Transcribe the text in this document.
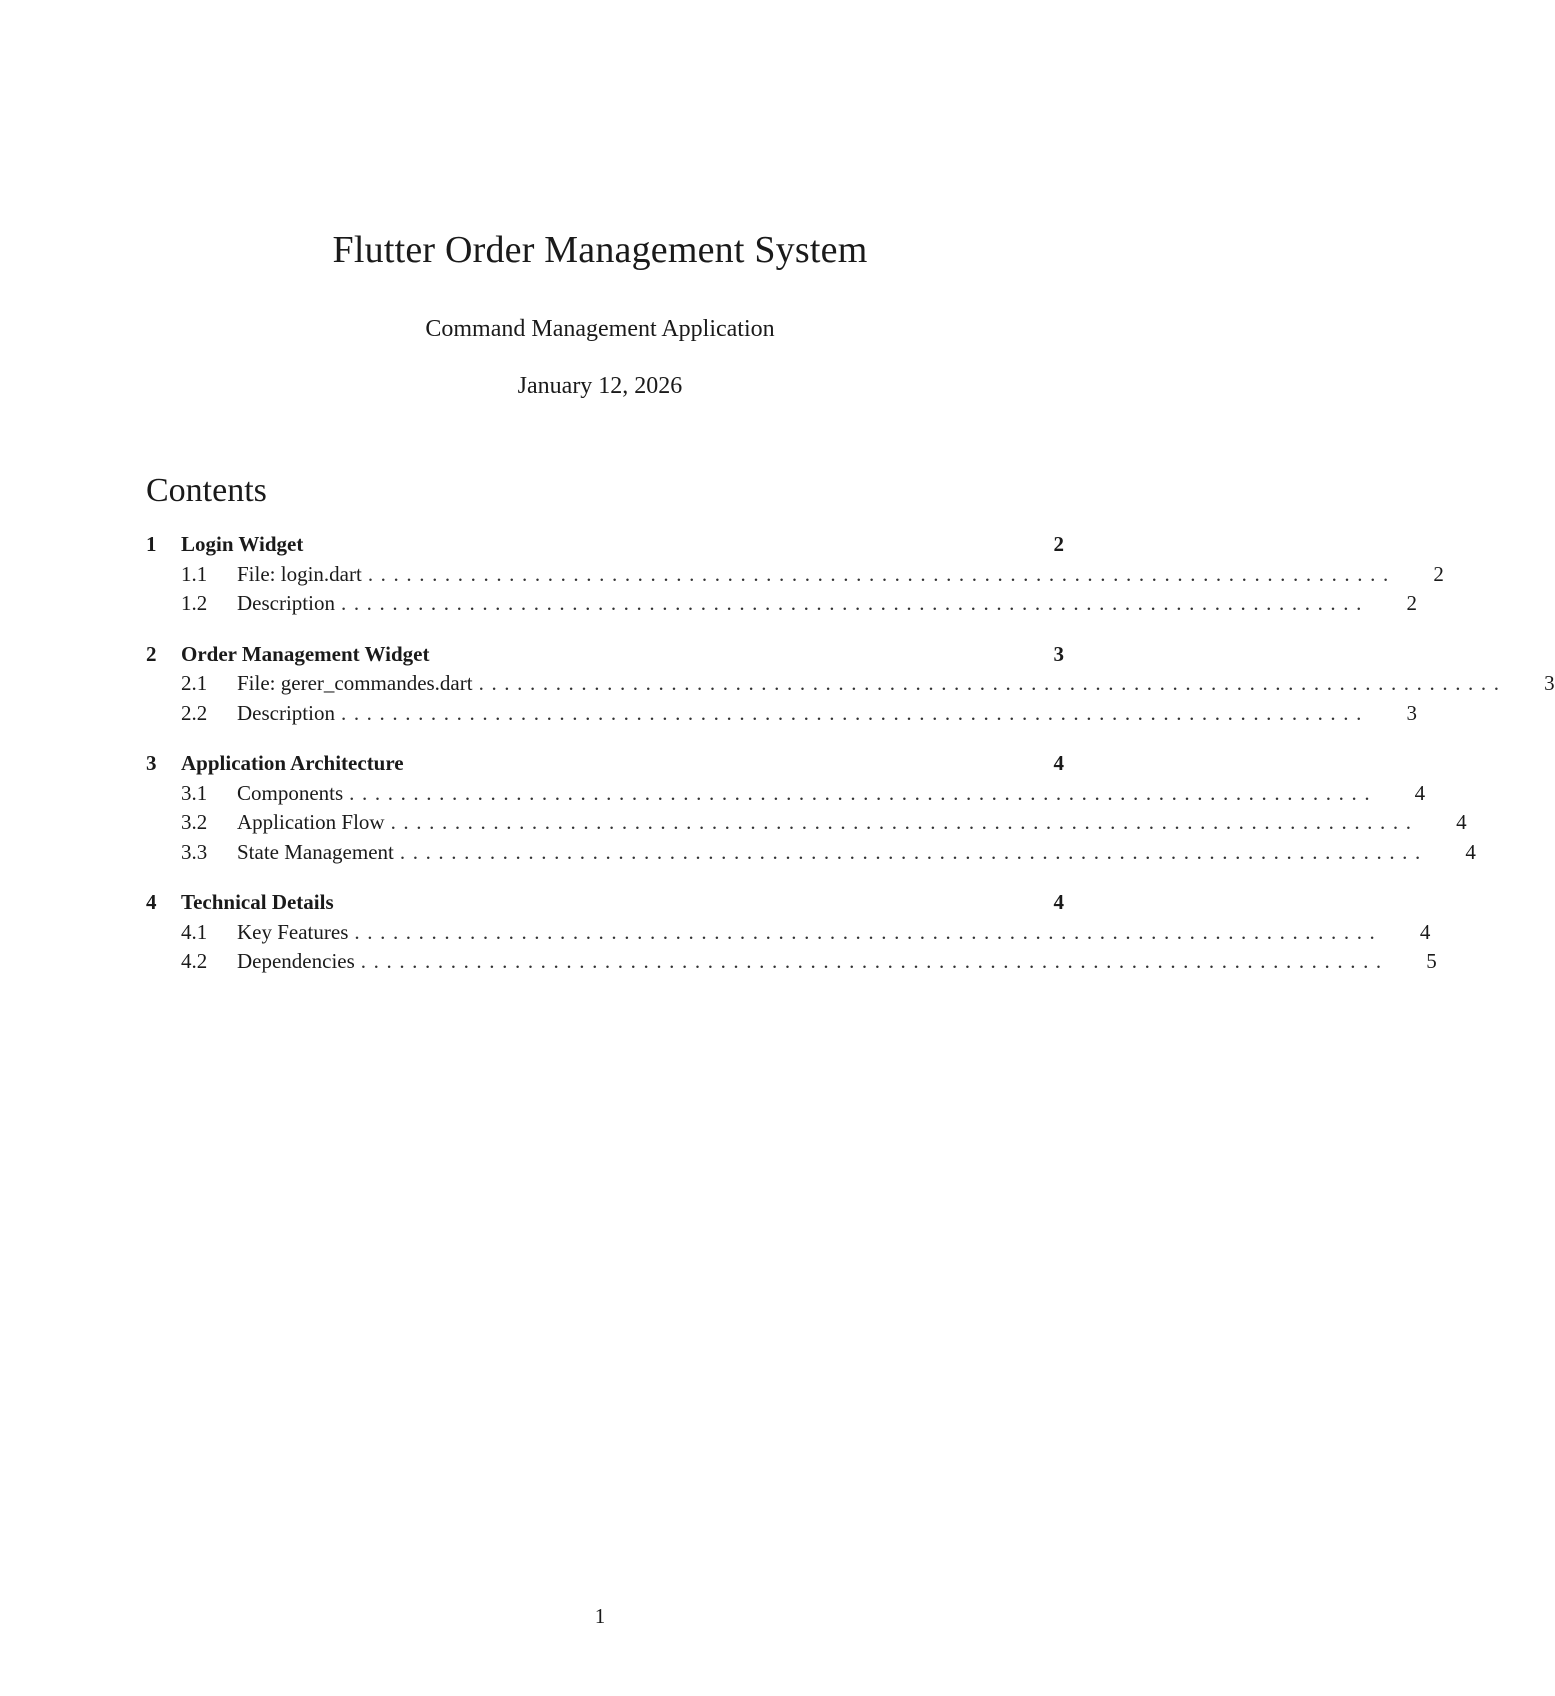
Flutter Order Management System
Command Management Application
January 12, 2026
Contents
1	Login Widget	2
1.1	File: login.dart ................................................................................	2
1.2	Description ................................................................................	2
2	Order Management Widget	3
2.1	File: gerer_commandes.dart ................................................................................	3
2.2	Description ................................................................................	3
3	Application Architecture	4
3.1	Components ................................................................................	4
3.2	Application Flow ................................................................................	4
3.3	State Management ................................................................................	4
4	Technical Details	4
4.1	Key Features ................................................................................	4
4.2	Dependencies ................................................................................	5
1
